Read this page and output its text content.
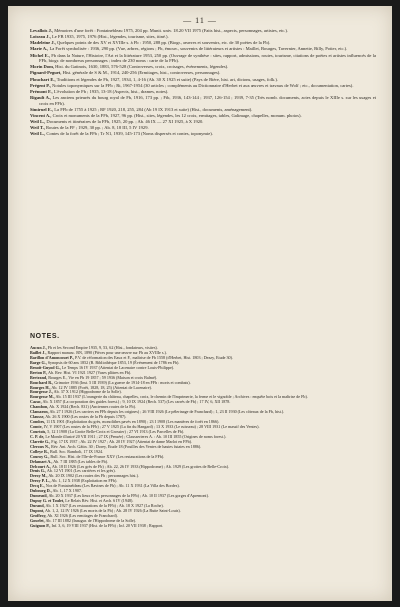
— 11 —

Levallois J., Mémoires d'une forêt : Fontainebleau 1975, 204 pp. Munit. univ. 18.20 VII 1975 (Faits hist., aspects, personnages, artistes, etc.).

Loiseau J., Le FB 1935, 1975, 1976 (Hist., légendes, tourisme, sites, itiné.).

Madeleine J., Quelques points de des XV et XVIIIe s. à Fb : 1950, 288 pp. (Biogr., œuvres et souvenirs, etc. de 30 poètes de la Fb).

Marie A., La Forêt symbolisée : 1936, 290 pp. (Vue, arbres, régions ; Fb, émouv., souvenirs de littérateurs et artistes : Maillet, Bourges, Tavernier, Annette, Billy, Potier, etc.).

Michel E., Fb dans la Nature, l'Histoire, l'Art et la littérature 1953, 250 pp. (Ouvrage de synthèse : sites, rapport, admissions, routes, tourisme, citations de poètes et artistes influencés de la FFb, biogr. de nombreux personnages ; index de 230 noms : carte de la FFb).

Morin Dom, Hist. du Gatinois, 1630, 1883, 576-528 (Controverses, croix, croisages, événements, légendes).

Pignard-Peguet, Hist. générale de S & M., 1914, 240-256 (Ermitages, hist., controverses, personnages).

Plouchart E., Traditions et légendes de Fb, 1927, 1934, 1, 4-16 (Ab. 30 X 1925 et suite) (Pays de Bière, hist. art, dictons, usages, folk.).

Prégent P., Notules toponymiques sur la FFb ; Ri, 1967-1954 (30 articles ; compléments au Dictionnaire d'Herbet et aux œuvres et travaux de Wolf ; etc., documentation, cartes).

Prémont F., L'évolution de Fb ; 1935, 13-18 (Aspects, hist., drames, notes).

Rigault A., Les anciens prieurés du bourg royal de Fb, 1916, 173 pp. ; Fib, 1936, 143-144 ; 1937, 126-154 ; 1939, 7-35 (Très nomb. documents, actes depuis le XIIIe s. sur les usages et croix en FFb).

Simiruel E., La FFb de 1755 à 1925 ; RF 1920, 218, 255, 284 (Ab 19 IX 1913 et suite) (Hist., documents, aménagement).

Vincent A., Croix et monuments de la FFb, 1927, 96 pp. (Hist., sites, légendes, les 12 croix, ermitages, tables, Galimage, chapelles, monum. photos).

Weil L., Documents et itinéraires de la FFb, 1925, 20 pp. ; Ab. 46 IX — 27 XI 1925, à X 1920.

Weil T., Routes de la FF ; 1929, 30 pp. ; Ab. 8, 18 III, 5 IV 1929.

Weil L., Contes de la forêt de la FFb ; Tr N1, 1939, 145-173 (Noms dispersés et contes, toponymie).

NOTES.

Aucun J., Fb et les Second Empire 1935, 9, 53, 62 (Hist., fondateurs, visites).

Baillet J., Rapport manusc. BN, 1890 (Pièces pour une œuvre sur Fb au XVIIIe s.).

Barillon d'Amoncourt P., P.V. de réformation des Eaux et F., maîtrise de Fb 1558 (d'Herbet, Hist. 1803 ; Dezzy, Etude 30).

Barge G., Synopsis de 60 ans 1852 (B. Bibliothèque 1853, 19 (Événement de 1786 en Fb).

Benoit-Guyod G., Le Temps 16 IV 1937 (Attentat de Lacenaire contre Louis-Philippe).

Berton P., Ab. Rev. Hist. VI 1921 1927 (Vases plâtres en Fb).

Bertrand, Bourges E., Vie en Fb 19 1857 ; 59 1936 (Maison et croix Balmé).

Bouchard R., Grimoire 1936 (Inst. 5 III 1939) (La guerre de 1914-18 en FFb : morts et combats).

Bourges H., Ab. 12 IV 1885 (Forêt, 1828, 18, 25) (Attentat de Lacenaire).

Bourgesse J., Ab. 37 X 1912 (Hippodrome de la Solle).

Bourgesse M., Ab. 15 III 1937 (L'orangerie du château, chapelles, croix, le chemin de l'Imprimerie, la ferme et le vignoble ; Archives : enquête bois et la maîtrise de Fb).

Cazac, Ab. X 1857 (La corporation des guides forest.) ; 9, 10 IX 1924 (Rech. 537) (Les carrés de Fb) ; 17 IV, 6, XII 1878.

Chambon, Ab. X 1924 (Rech. 831) (Anciennes routes de la Fb).

Clamaron, Ab. 27 I 1926 (Les carriers en FFb depuis les origines) ; 26 VIII 1926 (Le pèlerinage de Franchard) ; 1, 23 II 1930 (Les côteaux de la Fb, hist.).

Clausse, Ab. 26 X 1900 (Les routes de la Fb depuis 1787).

Combes, 11 IX 1901 (Exploitation du grès, monolithes pavés en 1890) ; 23 I 1908 (Les manières de forêt en 1866).

Comte, IV, V 1907 (Les routes de la FFb) ; 27 V 1925 (La fin du Hangard) ; 13 X 1933 (Le ruisseau) ; 28 VIII 1931 (Le massif des Ventes).

Courtois, 5, 12 I 1908 (La Grotte Belle-Croix et Grossier) ; 27 VI 1913 (Les Parcelles de Fb).

C. P. de, Le Monde illustré 20 VII 1911 ; 27 IX (Pensée) ; Clausserieres A. : Ab. 10 III 1855 (Origines de noms forest.).

Claretie G., Fig. 17 IX 1937 ; Ab. 22 IV 1927 ; Ab. 20 IV 1927 (Attentat de dame Marlot en FFb).

Cleroux N., Rév. Ant. Arch. Gâtin. 30 ; Dorey, Etude 18 (Fouilles des Ventes de hautes futaies en 1886).

Colleye R., Bull. Soc. Rambolt, 17 IX 1924.

Couroy G., Bull. Soc. Hist. de l'Ile-de-France XXV (Les restaurations de la FFb).

Delamart A., Ab. 7 III 1885 (Les tables de Fb).

Delcourt A., Ab. 18 II 1926 (Les grès de Fb) ; Ab. 22, 26 IV 1933 (Hippodrome) ; Ab. 1929 (Les grottes de Belle-Croix).

Denis G., Ab. 12 VI 1901 (Les carrières et les grès).

Deroy M., Ab. 20 IX 1902 (Les routes des Fb ; personnages hist.).

Deroy P. L., Ab. 1, 12 X 1938 (Exploitation en FFb).

Decq E., Nos de Fontainebleau (Les Ravines de Fb) ; Ab. 11 X 1931 (La Villa des Bordes).

Dubourg D., Ab. 1, 17 X 1907.

Dumesnil, Ab. 20 X 1937 (Les lieux et les personnages de la FFb) ; Ab. 10 II 1937 (Les gorges d'Apremont).

Dupuy G. et Toulet, Le Relais Rév. Hist. et Arch. 6 IV (1948).

Durand, Ab. 1 X 1927 (Les restaurations de la FFb) ; Ab. 18 X 1927 (La Roche).

Dupont, Ab. 1, 2, 12 IV 1926 (Les morts de la Fb) ; Ab. 28 IV 1926 (La Butte Saint-Louis).

Geoffroy, Ab. XI 1926 (Les ermitages de Franchard).

Gourlet, Ab. 17 III 1882 (Inaugur. de l'Hippodrome de la Solle).

Guignon P., Inf. 3, 6, 19 VIII 1937 (Hist. de la FFb) ; Inf. 20 VII 1938 ; Rapport.
